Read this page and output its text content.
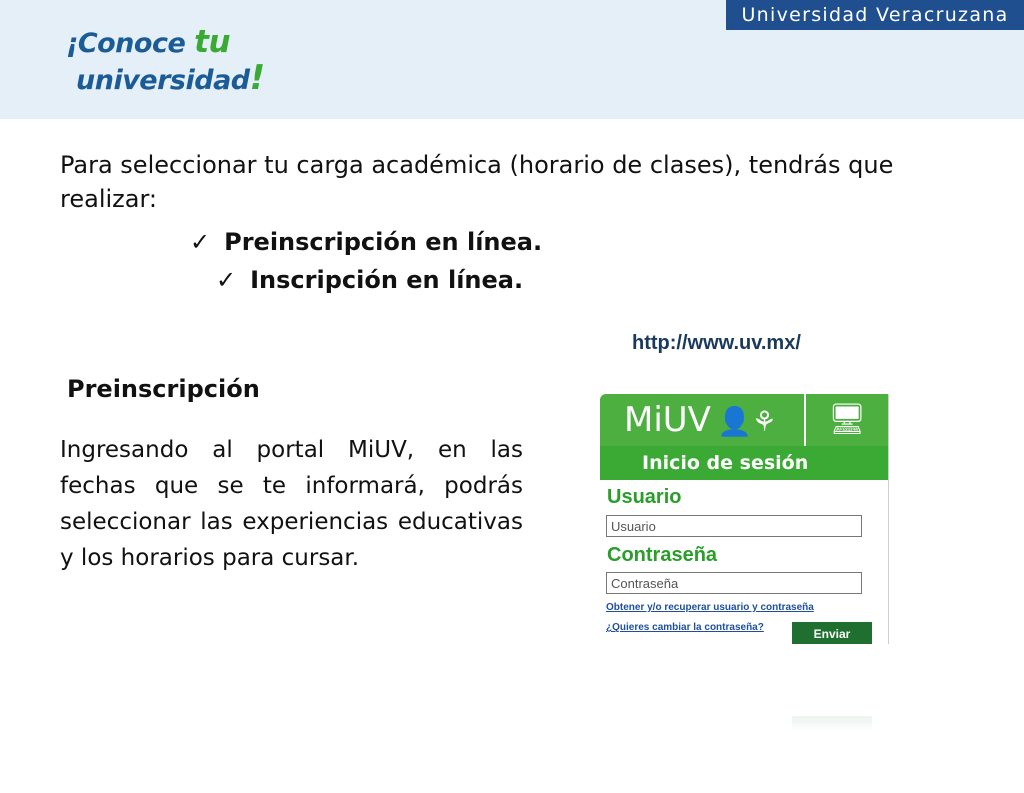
¡Conoce tu
universidad!
Universidad Veracruzana
Para seleccionar tu carga académica (horario de clases), tendrás que realizar:
✓ Preinscripción en línea.
✓ Inscripción en línea.
http://www.uv.mx/
Preinscripción
Ingresando al portal MiUV, en las fechas que se te informará, podrás seleccionar las experiencias educativas y los horarios para cursar.
MiUV 👤⚘	🖥
Inicio de sesión
Usuario
Usuario
Contraseña
Contraseña
Obtener y/o recuperar usuario y contraseña
¿Quieres cambiar la contraseña?	Enviar
